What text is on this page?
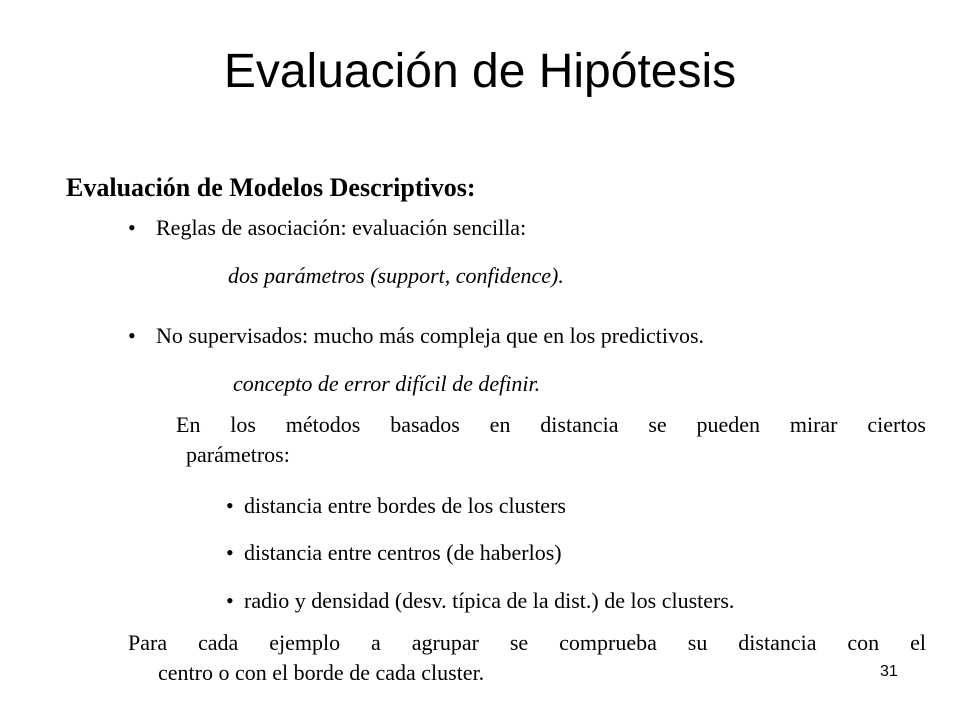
Evaluación de Hipótesis
Evaluación de Modelos Descriptivos:
• Reglas de asociación: evaluación sencilla:
dos parámetros (support, confidence).
• No supervisados: mucho más compleja que en los predictivos.
concepto de error difícil de definir.
En los métodos basados en distancia se pueden mirar ciertos
parámetros:
• distancia entre bordes de los clusters
• distancia entre centros (de haberlos)
• radio y densidad (desv. típica de la dist.) de los clusters.
Para cada ejemplo a agrupar se comprueba su distancia con el
centro o con el borde de cada cluster.	31
